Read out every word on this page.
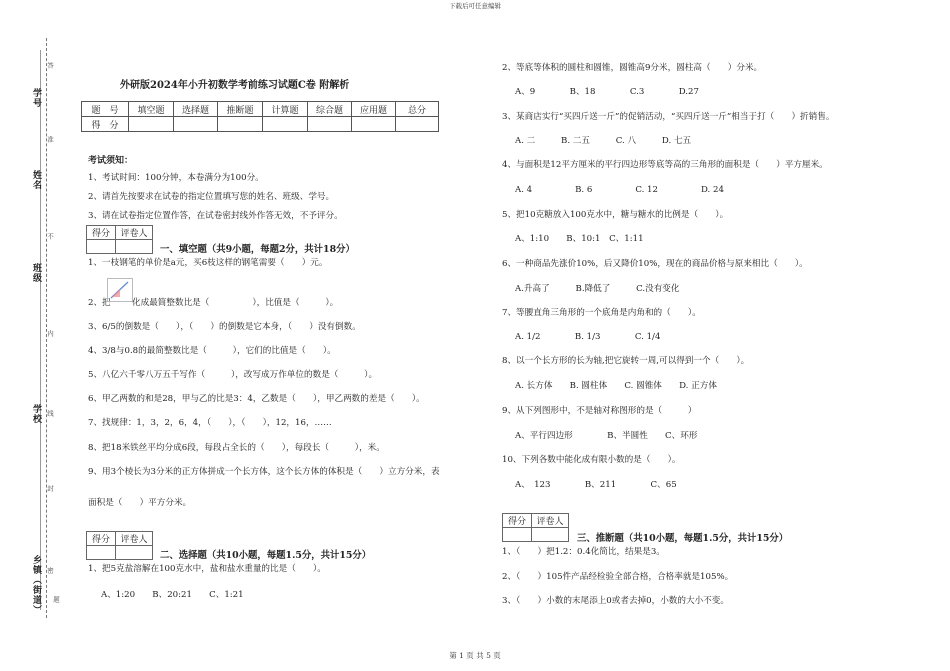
下载后可任意编辑
第 1 页 共 5 页
学号
姓名
班级
学校
乡镇（街道）
答
准
不
内
线
封
密
题
外研版2024年小升初数学考前练习试题C卷 附解析
题　号	填空题	选择题	推断题	计算题	综合题	应用题	总分
得　分							
考试须知：
1、考试时间：100分钟，本卷满分为100分。
2、请首先按要求在试卷的指定位置填写您的姓名、班级、学号。
3、请在试卷指定位置作答，在试卷密封线外作答无效，不予评分。
得分	评卷人

一、填空题（共9小题，每题2分，共计18分）
1、一枝钢笔的单价是a元，买6枝这样的钢笔需要（　　）元。
2、把 化成最简整数比是（　　　　　），比值是（　　　）。
3、6/5的倒数是（　　），（　　）的倒数是它本身，（　　）没有倒数。
4、3/8与0.8的最简整数比是（　　　），它们的比值是（　　）。
5、八亿六千零八万五千写作（　　　），改写成万作单位的数是（　　　）。
6、甲乙两数的和是28，甲与乙的比是3：4，乙数是（　　），甲乙两数的差是（　　）。
7、找规律：1，3，2，6，4，（　　），（　　），12，16，……
8、把18米铁丝平均分成6段，每段占全长的（　　），每段长（　　　），米。
9、用3个棱长为3分米的正方体拼成一个长方体，这个长方体的体积是（　　）立方分米，表
面积是（　　）平方分米。
得分	评卷人

二、选择题（共10小题，每题1.5分，共计15分）
1、把5克盐溶解在100克水中，盐和盐水重量的比是（　　）。
A、1:20　　B、20:21　　C、1:21
2、等底等体积的圆柱和圆锥，圆锥高9分米，圆柱高（　　）分米。
A、9　　　　B、18　　　　C.3　　　　D.27
3、某商店实行“买四斤送一斤”的促销活动，“买四斤送一斤”相当于打（　　）折销售。
A. 二　　　B. 二五　　　C. 八　　　D. 七五
4、与面积是12平方厘米的平行四边形等底等高的三角形的面积是（　　）平方厘米。
A. 4　　　　　B. 6　　　　　C. 12　　　　　D. 24
5、把10克糖放入100克水中，糖与糖水的比例是（　　）。
A、1:10　　B、10:1　C、1:11
6、一种商品先涨价10%，后又降价10%，现在的商品价格与原来相比（　　）。
A.升高了　　　B.降低了　　　C.没有变化
7、等腰直角三角形的一个底角是内角和的（　　）。
A. 1/2　　　　B. 1/3　　　　C. 1/4
8、以一个长方形的长为轴,把它旋转一周,可以得到一个（　　）。
A. 长方体　　B. 圆柱体　　C. 圆锥体　　D. 正方体
9、从下列图形中，不是轴对称图形的是（　　　）
A、平行四边形　　　　B、半圆性　　C、环形
10、下列各数中能化成有限小数的是（　　）。
A、　123　　　　B、211　　　　C、65
得分	评卷人

三、推断题（共10小题，每题1.5分，共计15分）
1、（　　）把1.2：0.4化简比，结果是3。
2、（　　）105件产品经检验全部合格，合格率就是105%。
3、（　　）小数的末尾添上0或者去掉0，小数的大小不变。
